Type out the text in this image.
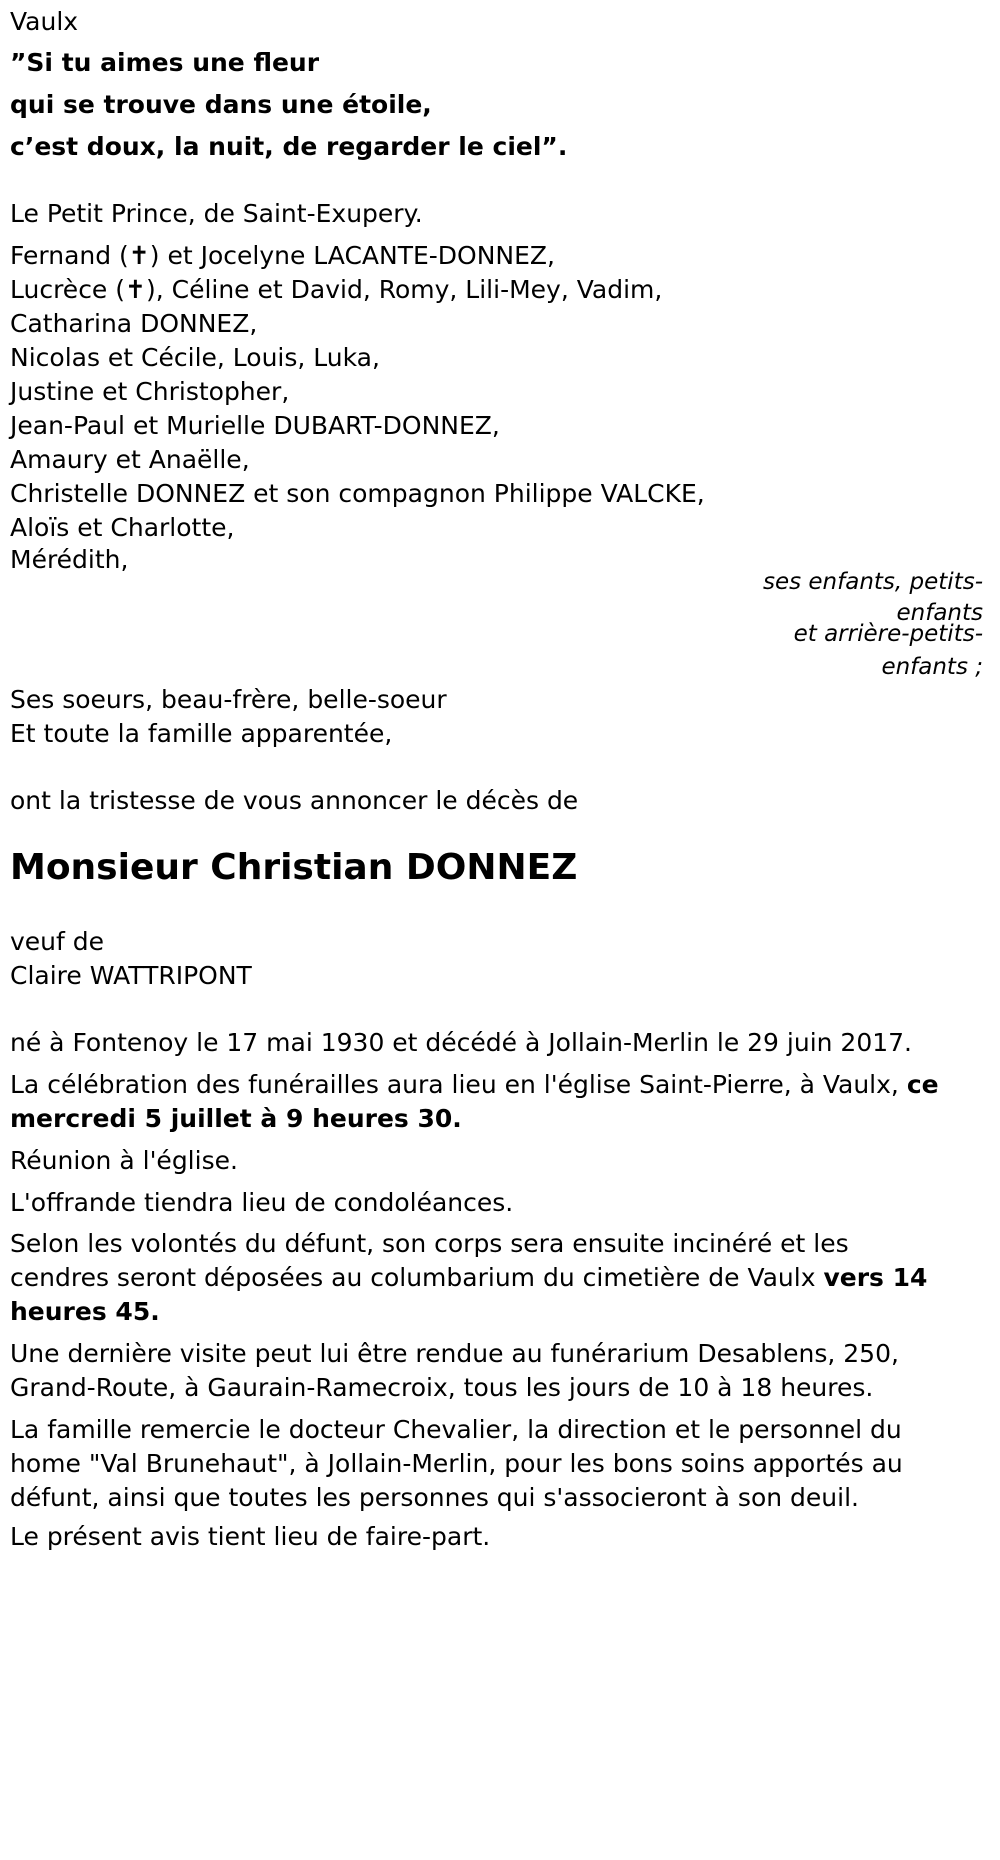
Vaulx
”Si tu aimes une fleur
qui se trouve dans une étoile,
c’est doux, la nuit, de regarder le ciel”.
Le Petit Prince, de Saint-Exupery.
Fernand (✝) et Jocelyne LACANTE-DONNEZ,
Lucrèce (✝), Céline et David, Romy, Lili-Mey, Vadim,
Catharina DONNEZ,
Nicolas et Cécile, Louis, Luka,
Justine et Christopher,
Jean-Paul et Murielle DUBART-DONNEZ,
Amaury et Anaëlle,
Christelle DONNEZ et son compagnon Philippe VALCKE,
Aloïs et Charlotte,
Mérédith,
ses enfants, petits-
enfants
et arrière-petits-
enfants ;
Ses soeurs, beau-frère, belle-soeur
Et toute la famille apparentée,
ont la tristesse de vous annoncer le décès de
Monsieur Christian DONNEZ
veuf de
Claire WATTRIPONT
né à Fontenoy le 17 mai 1930 et décédé à Jollain-Merlin le 29 juin 2017.
La célébration des funérailles aura lieu en l'église Saint-Pierre, à Vaulx, ce
mercredi 5 juillet à 9 heures 30.
Réunion à l'église.
L'offrande tiendra lieu de condoléances.
Selon les volontés du défunt, son corps sera ensuite incinéré et les
cendres seront déposées au columbarium du cimetière de Vaulx vers 14
heures 45.
Une dernière visite peut lui être rendue au funérarium Desablens, 250,
Grand-Route, à Gaurain-Ramecroix, tous les jours de 10 à 18 heures.
La famille remercie le docteur Chevalier, la direction et le personnel du
home "Val Brunehaut", à Jollain-Merlin, pour les bons soins apportés au
défunt, ainsi que toutes les personnes qui s'associeront à son deuil.
Le présent avis tient lieu de faire-part.
